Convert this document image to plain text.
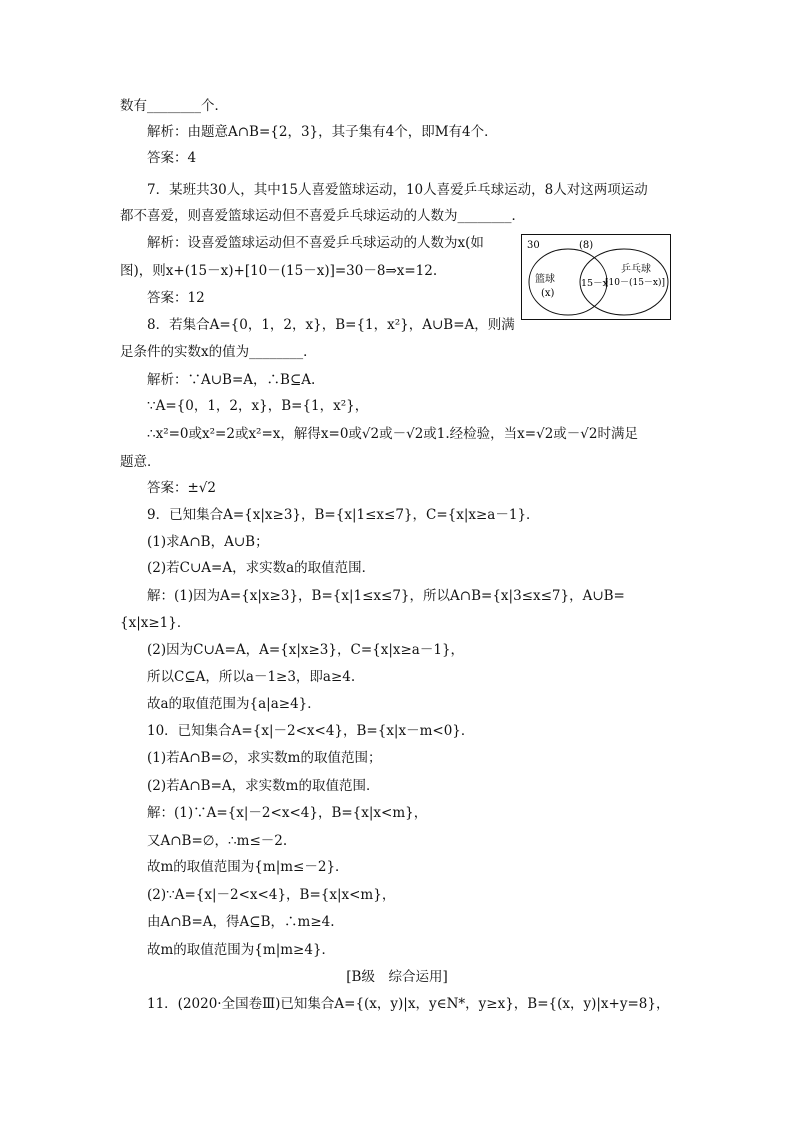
数有________个．
解析：由题意A∩B={2，3}，其子集有4个，即M有4个．
答案：4
7．某班共30人，其中15人喜爱篮球运动，10人喜爱乒乓球运动，8人对这两项运动
都不喜爱，则喜爱篮球运动但不喜爱乒乓球运动的人数为________．
解析：设喜爱篮球运动但不喜爱乒乓球运动的人数为x(如
图)，则x+(15－x)+[10－(15－x)]=30－8⇒x=12.
答案：12
30	(8)
篮球
(x)
15－x
乒乓球
[10－(15－x)]
8．若集合A={0，1，2，x}，B={1，x²}，A∪B=A，则满
足条件的实数x的值为________．
解析：∵A∪B=A，∴B⊆A.
∵A={0，1，2，x}，B={1，x²}，
∴x²=0或x²=2或x²=x，解得x=0或√2或－√2或1.经检验，当x=√2或－√2时满足
题意．
答案：±√2
9．已知集合A={x|x≥3}，B={x|1≤x≤7}，C={x|x≥a－1}．
(1)求A∩B，A∪B；
(2)若C∪A=A，求实数a的取值范围．
解：(1)因为A={x|x≥3}，B={x|1≤x≤7}，所以A∩B={x|3≤x≤7}，A∪B=
{x|x≥1}．
(2)因为C∪A=A，A={x|x≥3}，C={x|x≥a－1}，
所以C⊆A，所以a－1≥3，即a≥4.
故a的取值范围为{a|a≥4}．
10．已知集合A={x|－2<x<4}，B={x|x－m<0}．
(1)若A∩B=∅，求实数m的取值范围；
(2)若A∩B=A，求实数m的取值范围．
解：(1)∵A={x|－2<x<4}，B={x|x<m}，
又A∩B=∅，∴m≤－2.
故m的取值范围为{m|m≤－2}．
(2)∵A={x|－2<x<4}，B={x|x<m}，
由A∩B=A，得A⊆B，∴m≥4.
故m的取值范围为{m|m≥4}．
[B级　综合运用]
11．(2020·全国卷Ⅲ)已知集合A={(x，y)|x，y∈N*，y≥x}，B={(x，y)|x+y=8}，
